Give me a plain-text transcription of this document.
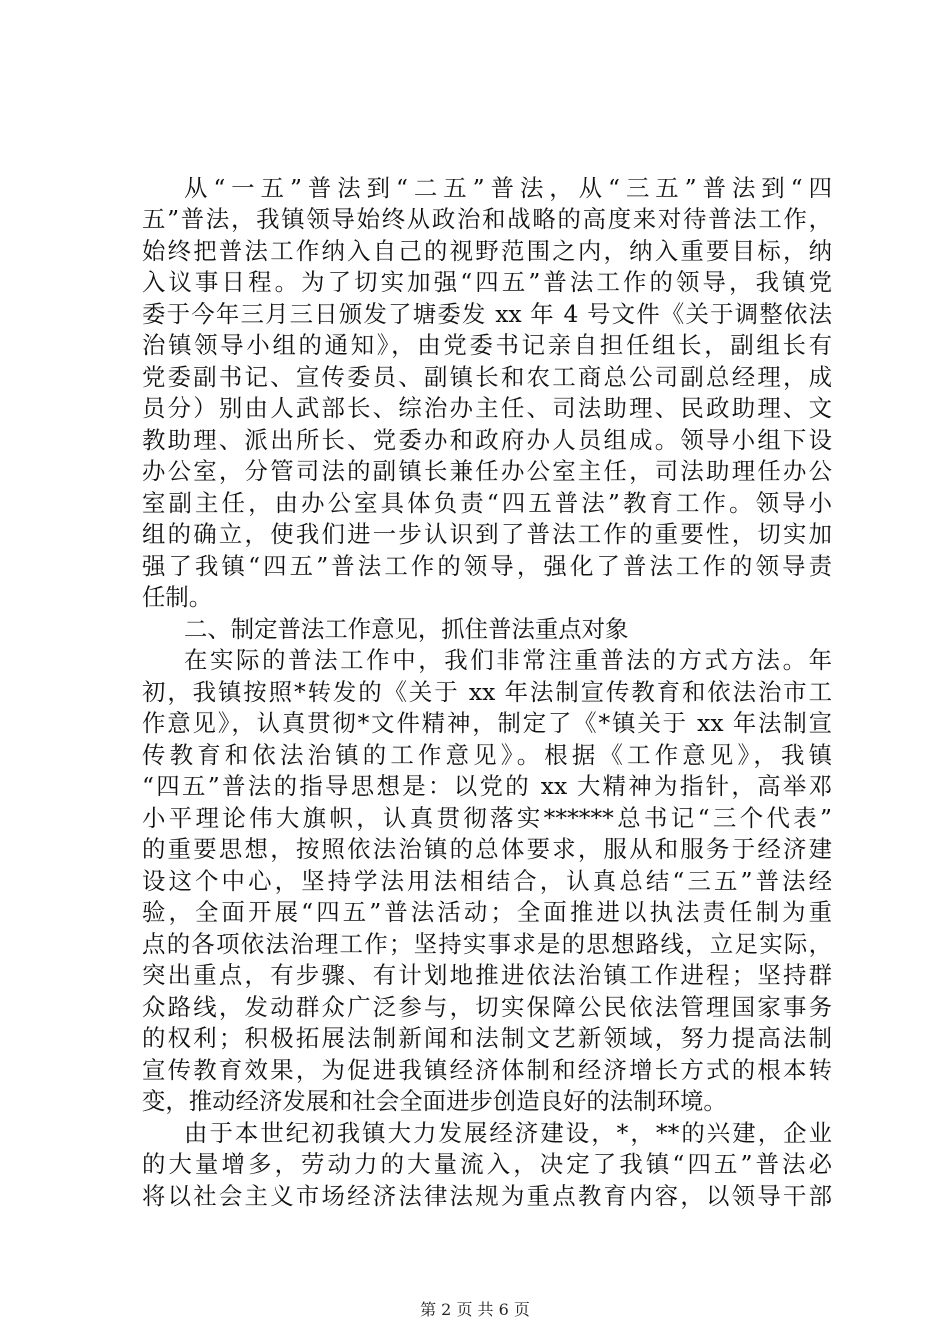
从“一五”普法到“二五”普法，从“三五”普法到“四
五”普法，我镇领导始终从政治和战略的高度来对待普法工作，
始终把普法工作纳入自己的视野范围之内，纳入重要目标，纳
入议事日程。为了切实加强“四五”普法工作的领导，我镇党
委于今年三月三日颁发了塘委发 xx 年 4 号文件《关于调整依法
治镇领导小组的通知》，由党委书记亲自担任组长，副组长有
党委副书记、宣传委员、副镇长和农工商总公司副总经理，成
员分）别由人武部长、综治办主任、司法助理、民政助理、文
教助理、派出所长、党委办和政府办人员组成。领导小组下设
办公室，分管司法的副镇长兼任办公室主任，司法助理任办公
室副主任，由办公室具体负责“四五普法”教育工作。领导小
组的确立，使我们进一步认识到了普法工作的重要性，切实加
强了我镇“四五”普法工作的领导，强化了普法工作的领导责
任制。
二、制定普法工作意见，抓住普法重点对象
在实际的普法工作中，我们非常注重普法的方式方法。年
初，我镇按照*转发的《关于 xx 年法制宣传教育和依法治市工
作意见》，认真贯彻*文件精神，制定了《*镇关于 xx 年法制宣
传教育和依法治镇的工作意见》。根据《工作意见》，我镇
“四五”普法的指导思想是：以党的 xx 大精神为指针，高举邓
小平理论伟大旗帜，认真贯彻落实******总书记“三个代表”
的重要思想，按照依法治镇的总体要求，服从和服务于经济建
设这个中心，坚持学法用法相结合，认真总结“三五”普法经
验，全面开展“四五”普法活动；全面推进以执法责任制为重
点的各项依法治理工作；坚持实事求是的思想路线，立足实际，
突出重点，有步骤、有计划地推进依法治镇工作进程；坚持群
众路线，发动群众广泛参与，切实保障公民依法管理国家事务
的权利；积极拓展法制新闻和法制文艺新领域，努力提高法制
宣传教育效果，为促进我镇经济体制和经济增长方式的根本转
变，推动经济发展和社会全面进步创造良好的法制环境。
由于本世纪初我镇大力发展经济建设，*，**的兴建，企业
的大量增多，劳动力的大量流入，决定了我镇“四五”普法必
将以社会主义市场经济法律法规为重点教育内容，以领导干部
第 2 页 共 6 页
